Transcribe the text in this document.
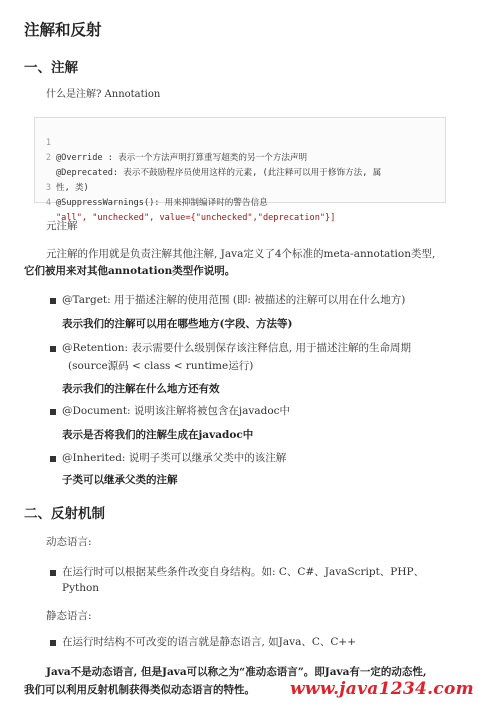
注解和反射
一、注解

什么是注解? Annotation

1

@Override : 表示一个方法声明打算重写超类的另一个方法声明

2

@Deprecated: 表示不鼓励程序员使用这样的元素, (此注释可以用于修饰方法, 属

性, 类)

3

@SuppressWarnings(): 用来抑制编译时的警告信息

4

"all", "unchecked", value={"unchecked","deprecation"}]

元注解

元注解的作用就是负责注解其他注解, Java定义了4个标准的meta-annotation类型,

它们被用来对其他annotation类型作说明。

@Target: 用于描述注解的使用范围 (即: 被描述的注解可以用在什么地方)

表示我们的注解可以用在哪些地方(字段、方法等)

@Retention: 表示需要什么级别保存该注释信息, 用于描述注解的生命周期

(source源码 < class < runtime运行)

表示我们的注解在什么地方还有效

@Document: 说明该注解将被包含在javadoc中

表示是否将我们的注解生成在javadoc中

@Inherited: 说明子类可以继承父类中的该注解

子类可以继承父类的注解

二、反射机制

动态语言:

在运行时可以根据某些条件改变自身结构。如: C、C#、JavaScript、PHP、

Python

静态语言:

在运行时结构不可改变的语言就是静态语言, 如Java、C、C++

Java不是动态语言, 但是Java可以称之为“准动态语言”。即Java有一定的动态性,

我们可以利用反射机制获得类似动态语言的特性。 www.java1234.com
